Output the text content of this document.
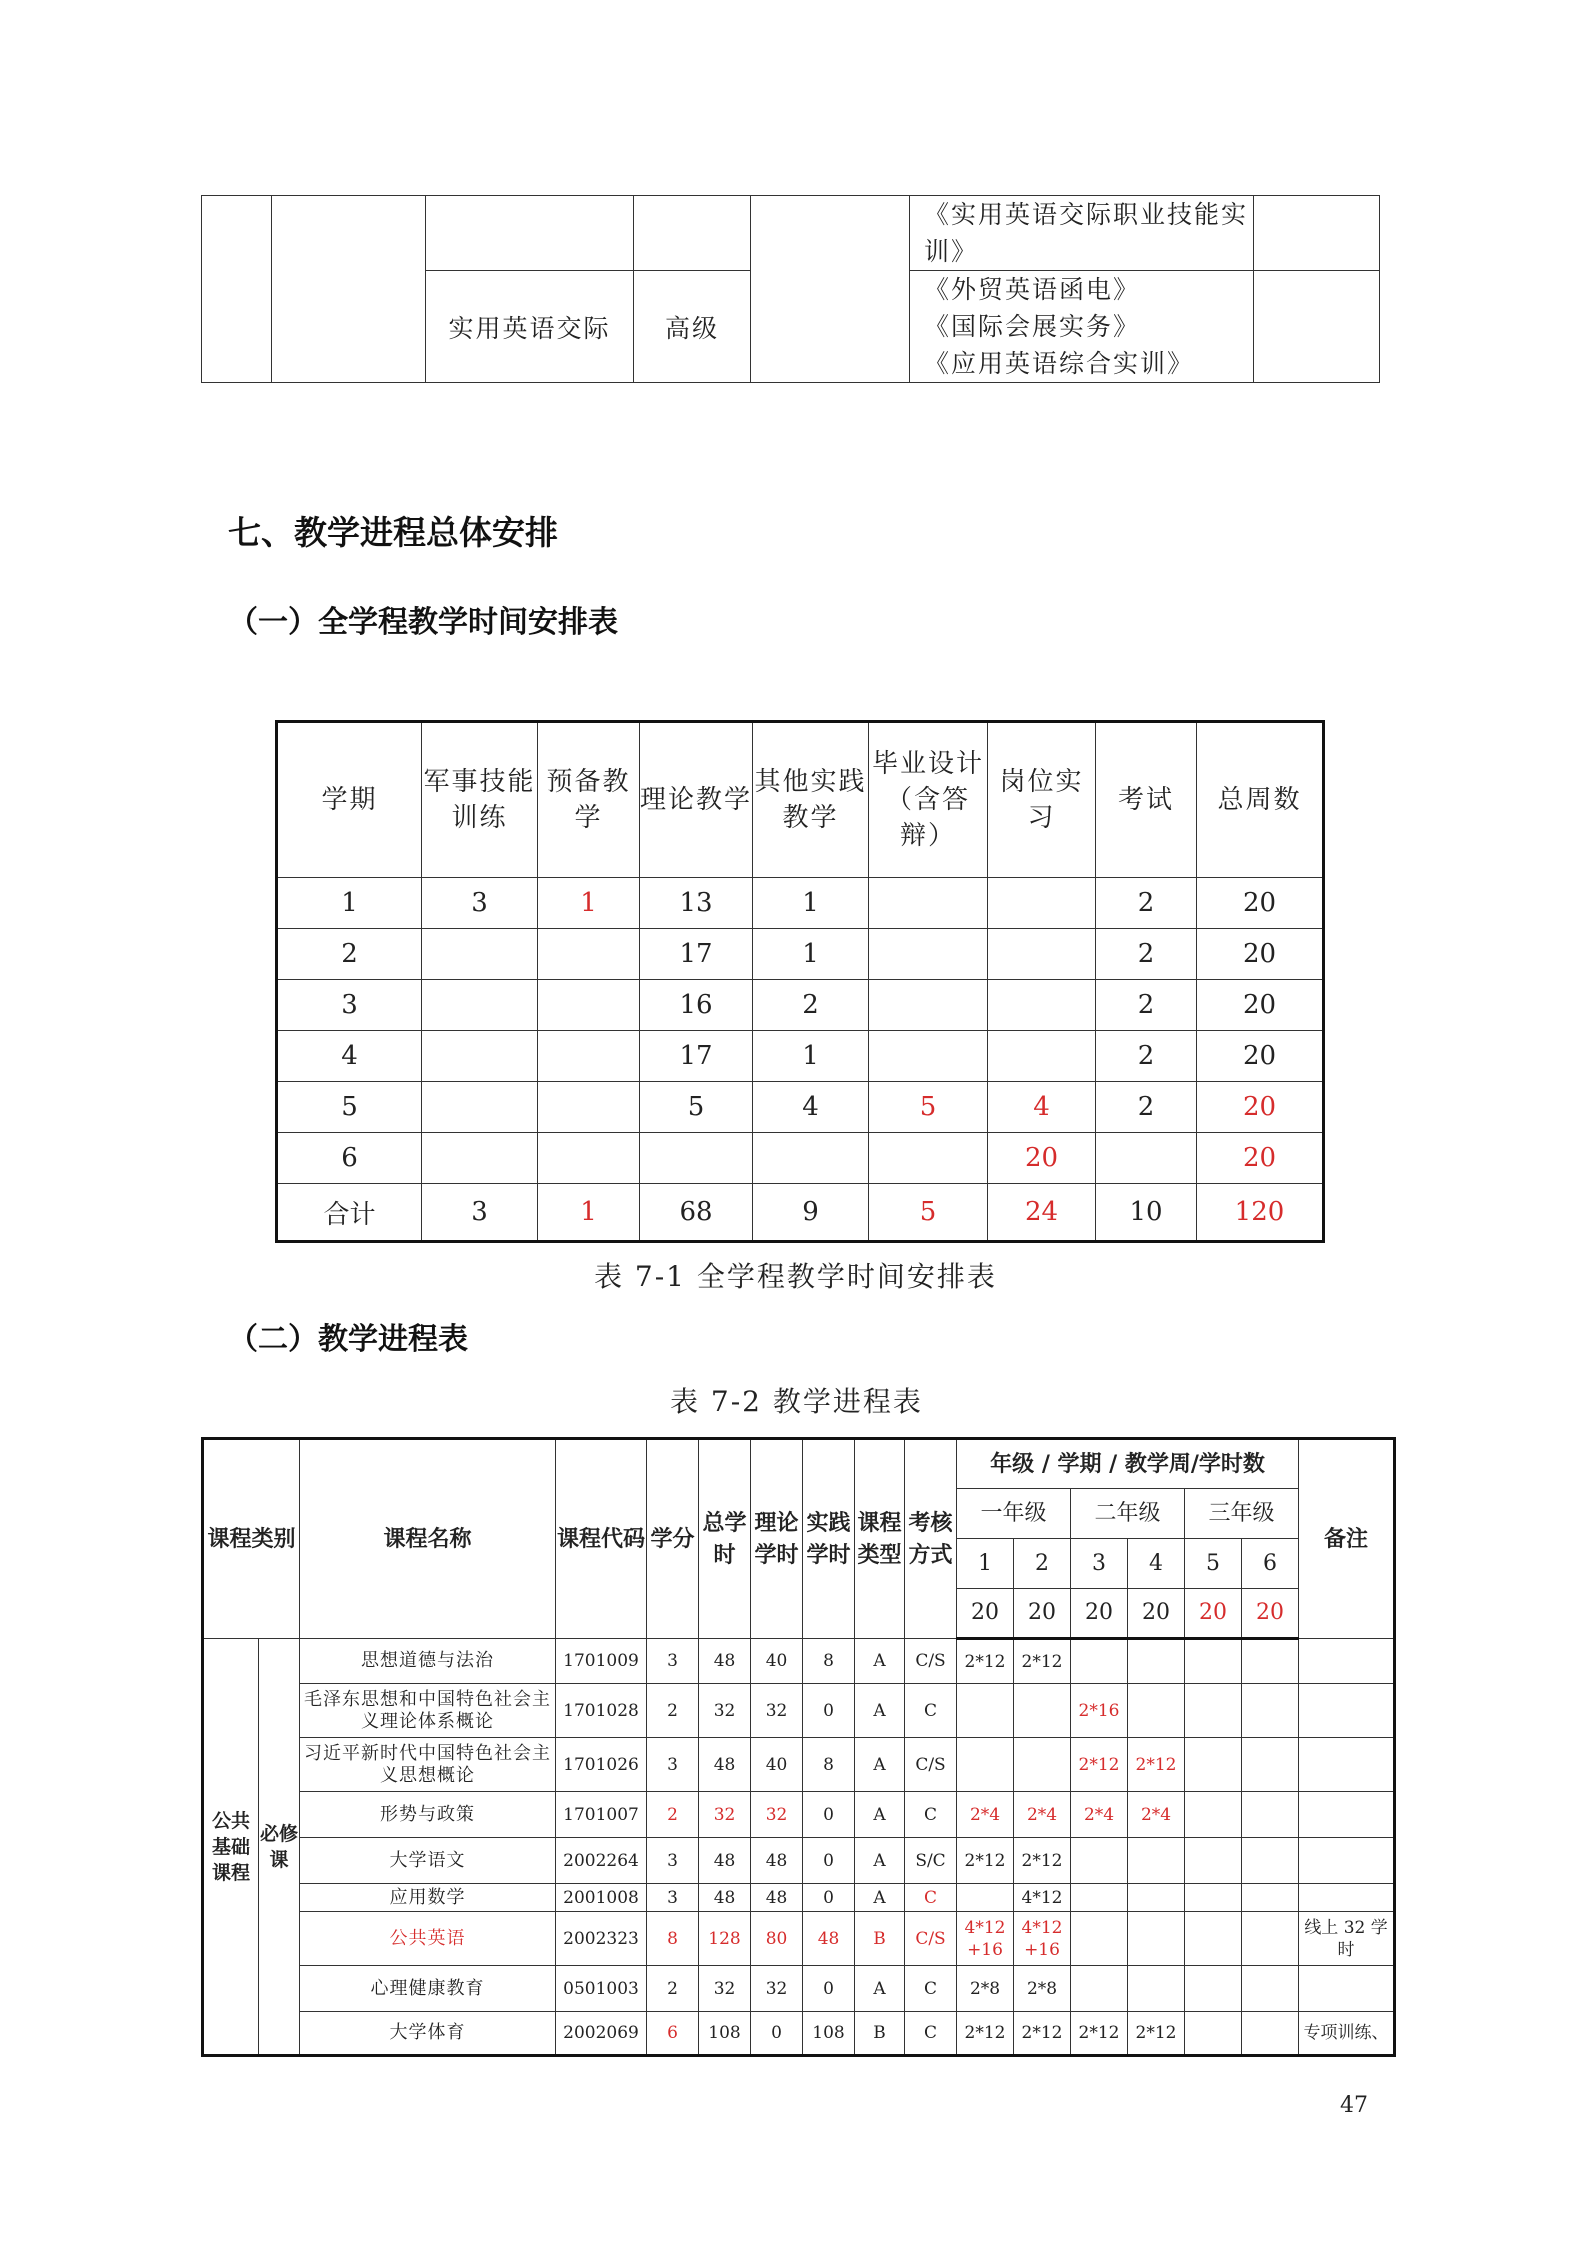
					《实用英语交际职业技能实训》	
		实用英语交际	高级		《外贸英语函电》
《国际会展实务》
《应用英语综合实训》	

七、教学进程总体安排
（一）全学程教学时间安排表
学期	军事技能训练	预备教学	理论教学	其他实践教学	毕业设计（含答辩）	岗位实习	考试	总周数
1	3	1	13	1			2	20
2			17	1			2	20
3			16	2			2	20
4			17	1			2	20
5			5	4	5	4	2	20
6						20		20
合计	3	1	68	9	5	24	10	120
表 7-1 全学程教学时间安排表
（二）教学进程表
表 7-2 教学进程表
课程类别		课程名称	课程代码	学分	总学时	理论学时	实践学时	课程类型	考核方式	年级 / 学期 / 教学周/学时数						备注
										一年级		二年级		三年级		
										1	2	3	4	5	6	
										20	20	20	20	20	20	
公共基础课程	必修课	思想道德与法治	1701009	3	48	40	8	A	C/S	2*12	2*12					
		毛泽东思想和中国特色社会主义理论体系概论	1701028	2	32	32	0	A	C			2*16				
		习近平新时代中国特色社会主义思想概论	1701026	3	48	40	8	A	C/S			2*12	2*12			
		形势与政策	1701007	2	32	32	0	A	C	2*4	2*4	2*4	2*4			
		大学语文	2002264	3	48	48	0	A	S/C	2*12	2*12					
		应用数学	2001008	3	48	48	0	A	C		4*12					
		公共英语	2002323	8	128	80	48	B	C/S	4*12 +16	4*12 +16					线上 32 学时
		心理健康教育	0501003	2	32	32	0	A	C	2*8	2*8					
		大学体育	2002069	6	108	0	108	B	C	2*12	2*12	2*12	2*12			专项训练、
47
